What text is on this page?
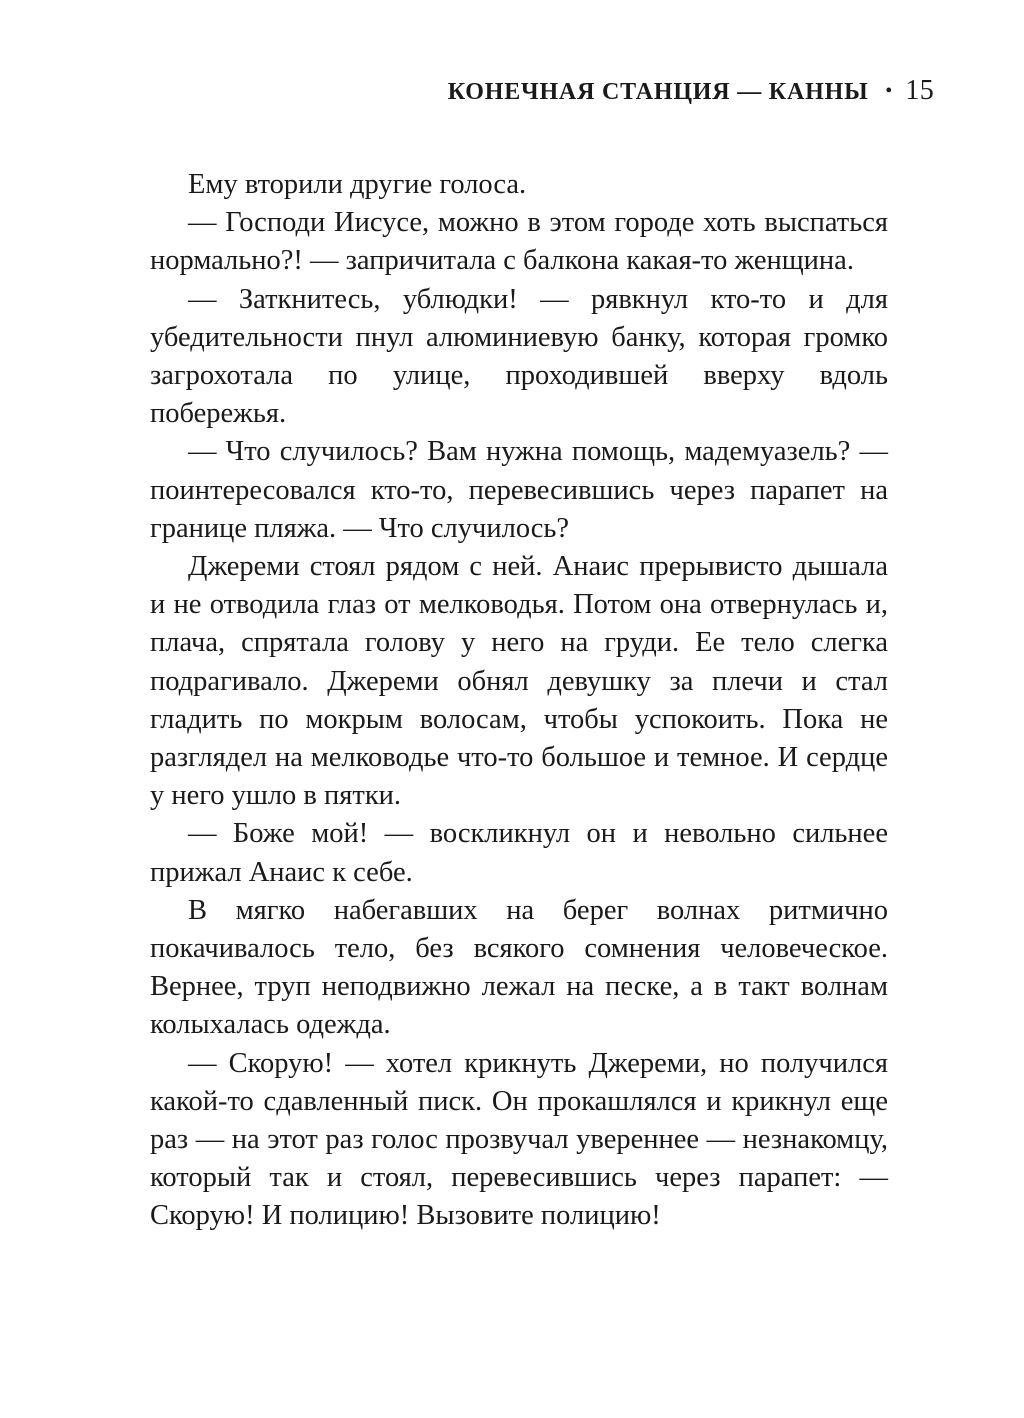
КОНЕЧНАЯ СТАНЦИЯ — КАННЫ • 15

Ему вторили другие голоса.

— Господи Иисусе, можно в этом городе хоть выспаться нормально?! — запричитала с балкона какая-то женщина.

— Заткнитесь, ублюдки! — рявкнул кто-то и для убедительности пнул алюминиевую банку, которая громко загрохотала по улице, проходившей вверху вдоль побережья.

— Что случилось? Вам нужна помощь, мадемуазель? — поинтересовался кто-то, перевесившись через парапет на границе пляжа. — Что случилось?

Джереми стоял рядом с ней. Анаис прерывисто дышала и не отводила глаз от мелководья. Потом она отвернулась и, плача, спрятала голову у него на груди. Ее тело слегка подрагивало. Джереми обнял девушку за плечи и стал гладить по мокрым волосам, чтобы успокоить. Пока не разглядел на мелководье что-то большое и темное. И сердце у него ушло в пятки.

— Боже мой! — воскликнул он и невольно сильнее прижал Анаис к себе.

В мягко набегавших на берег волнах ритмично покачивалось тело, без всякого сомнения человеческое. Вернее, труп неподвижно лежал на песке, а в такт волнам колыхалась одежда.

— Скорую! — хотел крикнуть Джереми, но получился какой-то сдавленный писк. Он прокашлялся и крикнул еще раз — на этот раз голос прозвучал увереннее — незнакомцу, который так и стоял, перевесившись через парапет: — Скорую! И полицию! Вызовите полицию!
